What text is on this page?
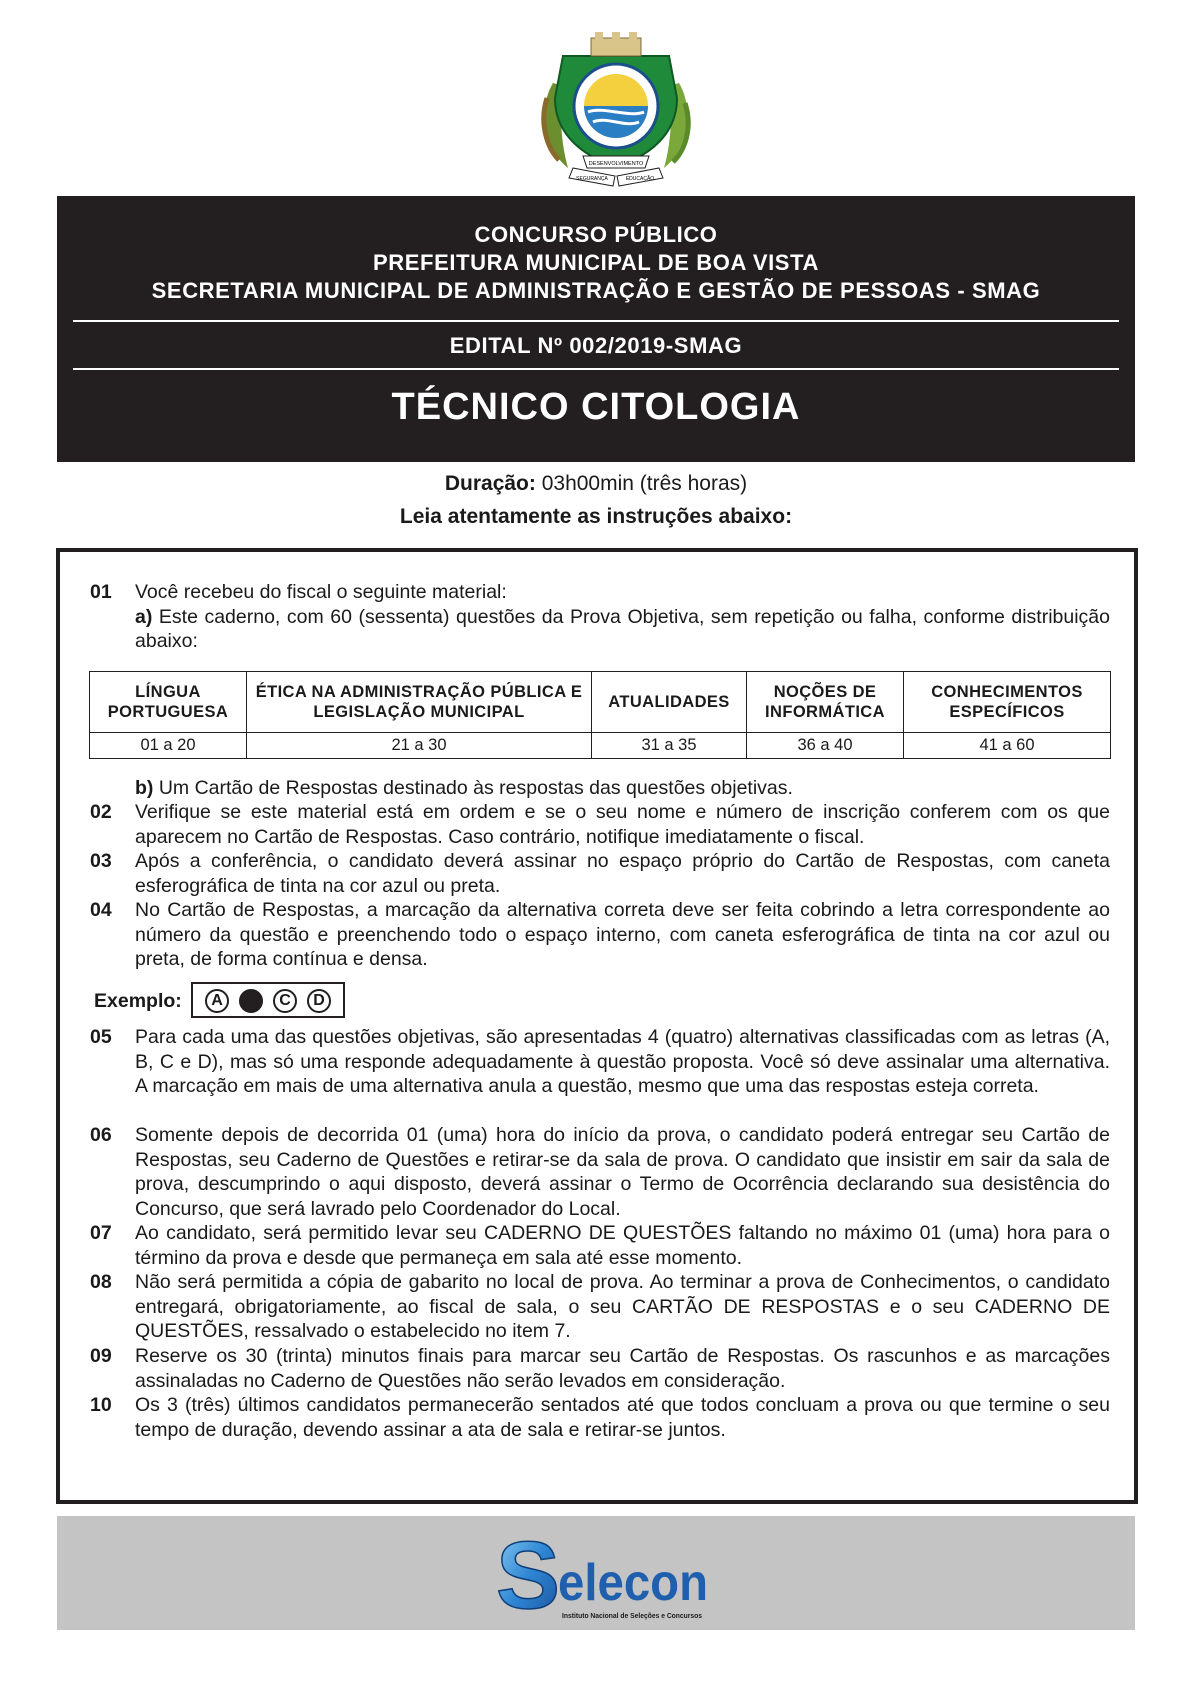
DESENVOLVIMENTO
SEGURANÇA	EDUCAÇÃO
CONCURSO PÚBLICO
PREFEITURA MUNICIPAL DE BOA VISTA
SECRETARIA MUNICIPAL DE ADMINISTRAÇÃO E GESTÃO DE PESSOAS - SMAG
EDITAL Nº 002/2019-SMAG
TÉCNICO CITOLOGIA
Duração: 03h00min (três horas)
Leia atentamente as instruções abaixo:
01	Você recebeu do fiscal o seguinte material:
a) Este caderno, com 60 (sessenta) questões da Prova Objetiva, sem repetição ou falha, conforme distribuição abaixo:
LÍNGUA PORTUGUESA	ÉTICA NA ADMINISTRAÇÃO PÚBLICA E LEGISLAÇÃO MUNICIPAL	ATUALIDADES	NOÇÕES DE INFORMÁTICA	CONHECIMENTOS ESPECÍFICOS
01 a 20	21 a 30	31 a 35	36 a 40	41 a 60
b) Um Cartão de Respostas destinado às respostas das questões objetivas.
02	Verifique se este material está em ordem e se o seu nome e número de inscrição conferem com os que aparecem no Cartão de Respostas. Caso contrário, notifique imediatamente o fiscal.
03	Após a conferência, o candidato deverá assinar no espaço próprio do Cartão de Respostas, com caneta esferográfica de tinta na cor azul ou preta.
04	No Cartão de Respostas, a marcação da alternativa correta deve ser feita cobrindo a letra correspondente ao número da questão e preenchendo todo o espaço interno, com caneta esferográfica de tinta na cor azul ou preta, de forma contínua e densa.
Exemplo:	A	C	D
05	Para cada uma das questões objetivas, são apresentadas 4 (quatro) alternativas classificadas com as letras (A, B, C e D), mas só uma responde adequadamente à questão proposta. Você só deve assinalar uma alternativa. A marcação em mais de uma alternativa anula a questão, mesmo que uma das respostas esteja correta.
06	Somente depois de decorrida 01 (uma) hora do início da prova, o candidato poderá entregar seu Cartão de Respostas, seu Caderno de Questões e retirar-se da sala de prova. O candidato que insistir em sair da sala de prova, descumprindo o aqui disposto, deverá assinar o Termo de Ocorrência declarando sua desistência do Concurso, que será lavrado pelo Coordenador do Local.
07	Ao candidato, será permitido levar seu CADERNO DE QUESTÕES faltando no máximo 01 (uma) hora para o término da prova e desde que permaneça em sala até esse momento.
08	Não será permitida a cópia de gabarito no local de prova. Ao terminar a prova de Conhecimentos, o candidato entregará, obrigatoriamente, ao fiscal de sala, o seu CARTÃO DE RESPOSTAS e o seu CADERNO DE QUESTÕES, ressalvado o estabelecido no item 7.
09	Reserve os 30 (trinta) minutos finais para marcar seu Cartão de Respostas. Os rascunhos e as marcações assinaladas no Caderno de Questões não serão levados em consideração.
10	Os 3 (três) últimos candidatos permanecerão sentados até que todos concluam a prova ou que termine o seu tempo de duração, devendo assinar a ata de sala e retirar-se juntos.
S
elecon
Instituto Nacional de Seleções e Concursos
